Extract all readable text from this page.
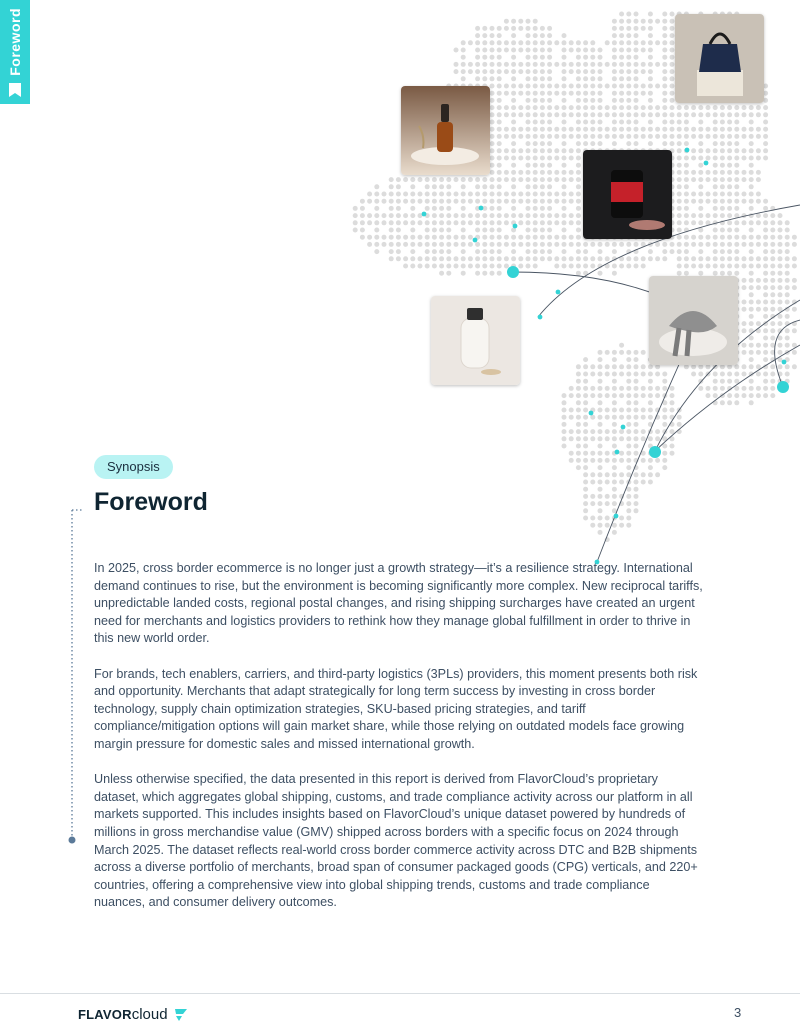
Foreword
Synopsis
Foreword

In 2025, cross border ecommerce is no longer just a growth strategy—it’s a resilience strategy. International demand continues to rise, but the environment is becoming significantly more complex. New reciprocal tariffs, unpredictable landed costs, regional postal changes, and rising shipping surcharges have created an urgent need for merchants and logistics providers to rethink how they manage global fulfillment in order to thrive in this new world order.

For brands, tech enablers, carriers, and third-party logistics (3PLs) providers, this moment presents both risk and opportunity. Merchants that adapt strategically for long term success by investing in cross border technology, supply chain optimization strategies, SKU-based pricing strategies, and tariff compliance/mitigation options will gain market share, while those relying on outdated models face growing margin pressure for domestic sales and missed international growth.

Unless otherwise specified, the data presented in this report is derived from FlavorCloud’s proprietary dataset, which aggregates global shipping, customs, and trade compliance activity across our platform in all markets supported. This includes insights based on FlavorCloud’s unique dataset powered by hundreds of millions in gross merchandise value (GMV) shipped across borders with a specific focus on 2024 through March 2025. The dataset reflects real-world cross border commerce activity across DTC and B2B shipments across a diverse portfolio of merchants, broad span of consumer packaged goods (CPG) verticals, and 220+ countries, offering a comprehensive view into global shipping trends, customs and trade compliance nuances, and consumer delivery outcomes.

FLAVOR cloud	3
